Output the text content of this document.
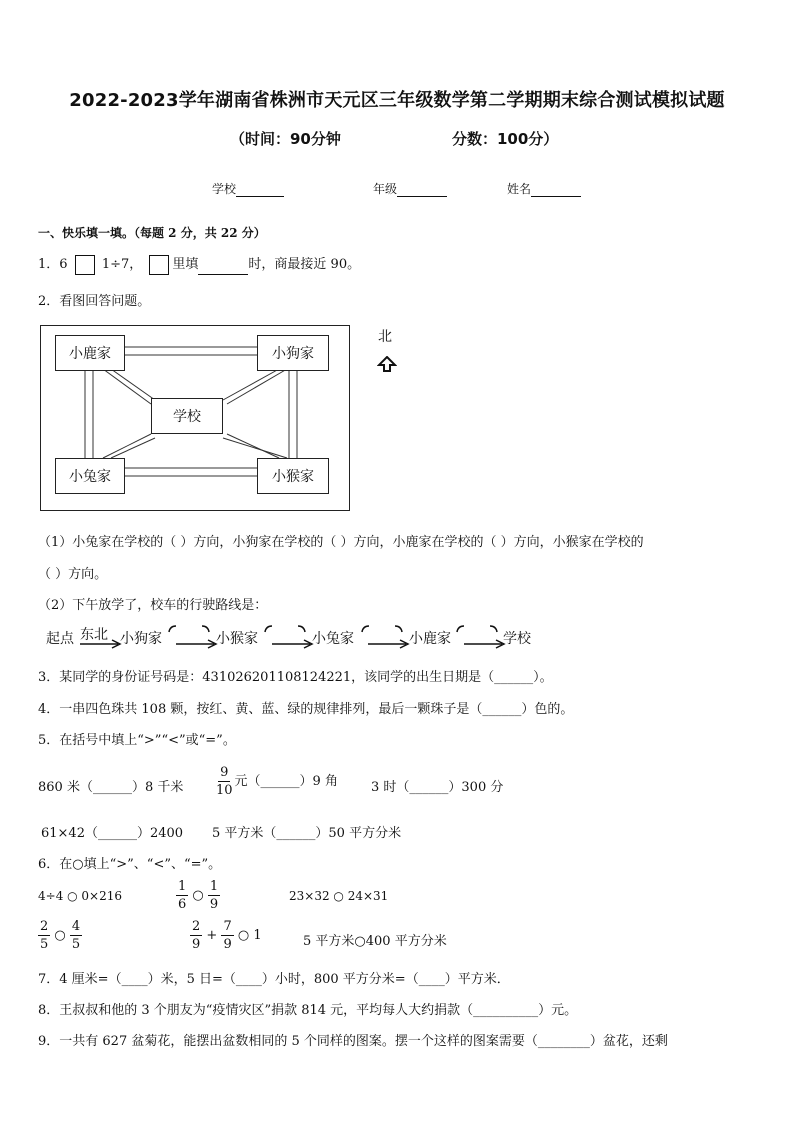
2022-2023学年湖南省株洲市天元区三年级数学第二学期期末综合测试模拟试题
（时间：90分钟	分数：100分）
学校	年级	姓名
一、快乐填一填。（每题 2 分，共 22 分）
1．6	1÷7， 里填	时，商最接近 90。
2．看图回答问题。
小鹿家	小狗家
学校
小兔家	小猴家
北
（1）小兔家在学校的（ ）方向，小狗家在学校的（ ）方向，小鹿家在学校的（ ）方向，小猴家在学校的
（ ）方向。
（2）下午放学了，校车的行驶路线是：
起点 东北 小狗家	小猴家	小兔家	小鹿家	学校
3．某同学的身份证号码是：431026201108124221，该同学的出生日期是（______）。
4．一串四色珠共 108 颗，按红、黄、蓝、绿的规律排列，最后一颗珠子是（______）色的。
5．在括号中填上“>”“<”或“=”。
860 米（______）8 千米 $\frac{9}{10}$ 元（______）9 角	3 时（______）300 分
61×42（______）2400 5 平方米（______）50 平方分米
6．在○填上“>”、“<”、“=”。
4÷4 ○ 0×216	$\frac{1}{6}$ ○ $\frac{1}{9}$	23×32 ○ 24×31
$\frac{2}{5}$ ○ $\frac{4}{5}$	$\frac{2}{9} + \frac{7}{9}$ ○ 1	5 平方米○400 平方分米
7．4 厘米=（____）米，5 日=（____）小时，800 平方分米=（____）平方米．
8．王叔叔和他的 3 个朋友为“疫情灾区”捐款 814 元，平均每人大约捐款（__________）元。
9．一共有 627 盆菊花，能摆出盆数相同的 5 个同样的图案。摆一个这样的图案需要（________）盆花，还剩
